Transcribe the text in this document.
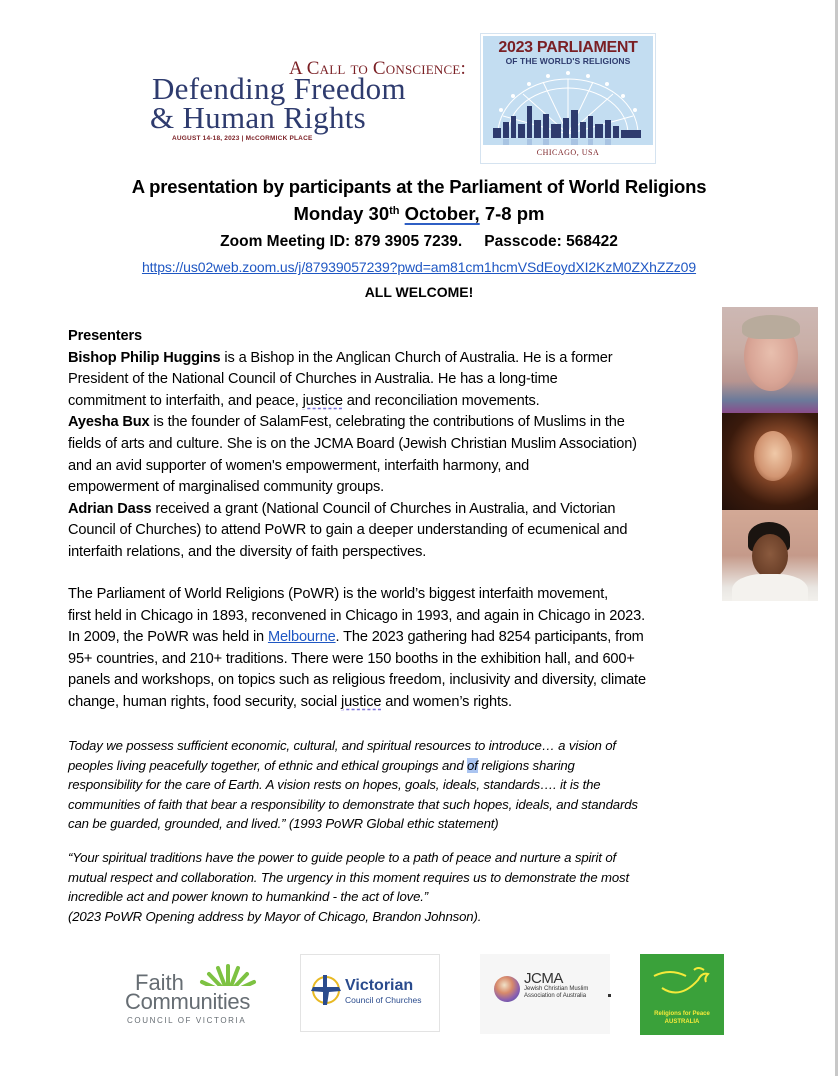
A Call to Conscience:
Defending Freedom
& Human Rights
AUGUST 14-18, 2023 | McCORMICK PLACE
2023 PARLIAMENT
OF THE WORLD'S RELIGIONS
CHICAGO, USA
A presentation by participants at the Parliament of World Religions
Monday 30th October, 7-8 pm
Zoom Meeting ID: 879 3905 7239. Passcode: 568422
https://us02web.zoom.us/j/87939057239?pwd=am81cm1hcmVSdEoydXI2KzM0ZXhZZz09
ALL WELCOME!

Presenters

Bishop Philip Huggins is a Bishop in the Anglican Church of Australia. He is a former

President of the National Council of Churches in Australia. He has a long-time

commitment to interfaith, and peace, justice and reconciliation movements.

Ayesha Bux is the founder of SalamFest, celebrating the contributions of Muslims in the

fields of arts and culture. She is on the JCMA Board (Jewish Christian Muslim Association)

and an avid supporter of women's empowerment, interfaith harmony, and

empowerment of marginalised community groups.

Adrian Dass received a grant (National Council of Churches in Australia, and Victorian

Council of Churches) to attend PoWR to gain a deeper understanding of ecumenical and

interfaith relations, and the diversity of faith perspectives.

The Parliament of World Religions (PoWR) is the world’s biggest interfaith movement,

first held in Chicago in 1893, reconvened in Chicago in 1993, and again in Chicago in 2023.

In 2009, the PoWR was held in Melbourne. The 2023 gathering had 8254 participants, from

95+ countries, and 210+ traditions. There were 150 booths in the exhibition hall, and 600+

panels and workshops, on topics such as religious freedom, inclusivity and diversity, climate

change, human rights, food security, social justice and women’s rights.

Today we possess sufficient economic, cultural, and spiritual resources to introduce… a vision of

peoples living peacefully together, of ethnic and ethical groupings and of religions sharing

responsibility for the care of Earth. A vision rests on hopes, goals, ideals, standards…. it is the

communities of faith that bear a responsibility to demonstrate that such hopes, ideals, and standards

can be guarded, grounded, and lived.” (1993 PoWR Global ethic statement)

“Your spiritual traditions have the power to guide people to a path of peace and nurture a spirit of

mutual respect and collaboration. The urgency in this moment requires us to demonstrate the most

incredible act and power known to humankind - the act of love.”

(2023 PoWR Opening address by Mayor of Chicago, Brandon Johnson).

Faith
Communities
COUNCIL OF VICTORIA
Victorian
Council of Churches
JCMA
Jewish Christian Muslim
Association of Australia
Religions for Peace
AUSTRALIA
